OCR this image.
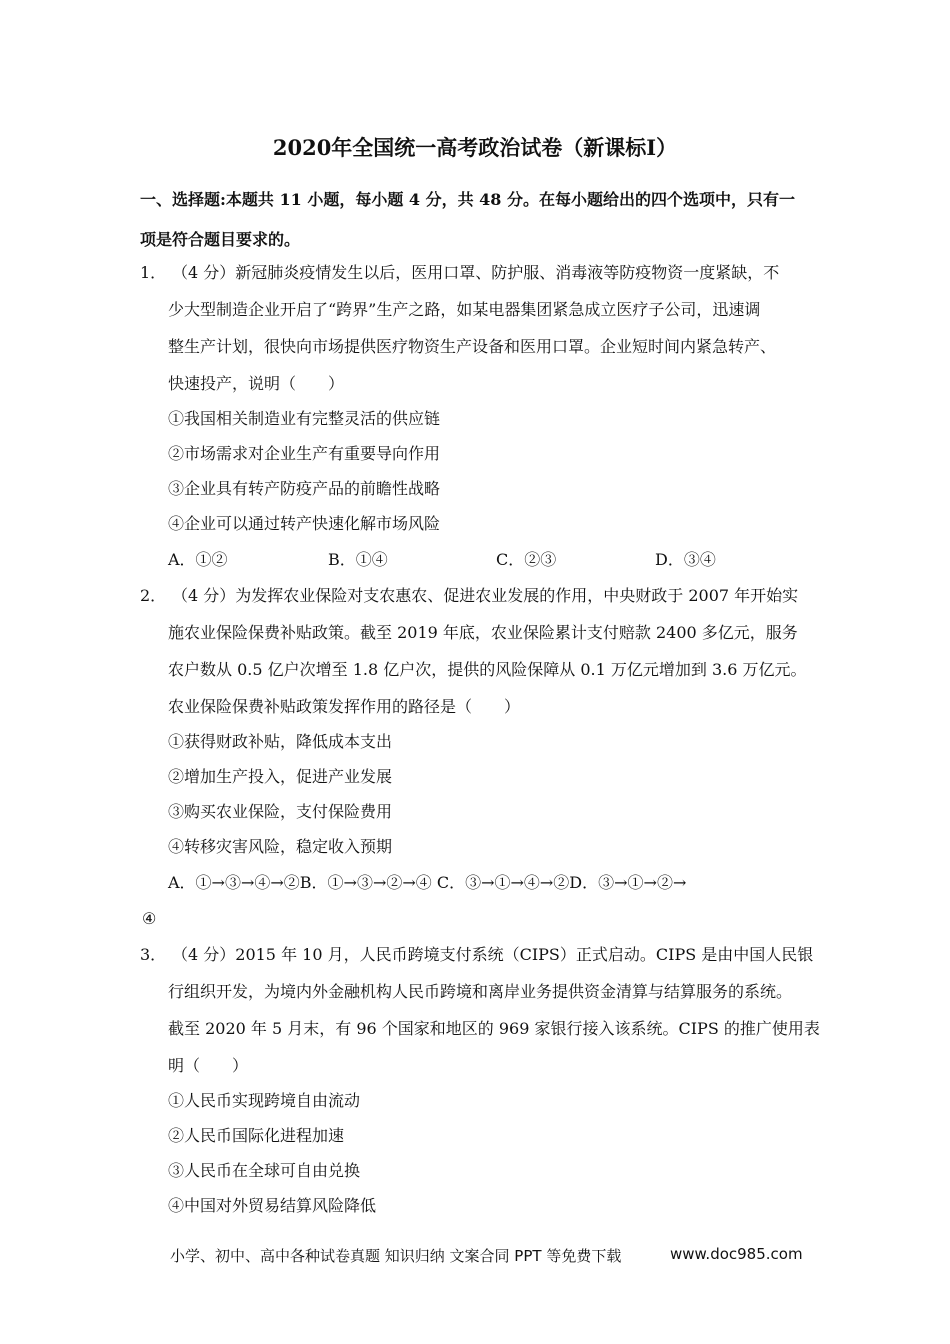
2020年全国统一高考政治试卷（新课标Ⅰ）
一、选择题:本题共 11 小题，每小题 4 分，共 48 分。在每小题给出的四个选项中，只有一
项是符合题目要求的。
1． （4 分）新冠肺炎疫情发生以后，医用口罩、防护服、消毒液等防疫物资一度紧缺，不
少大型制造企业开启了“跨界”生产之路，如某电器集团紧急成立医疗子公司，迅速调
整生产计划，很快向市场提供医疗物资生产设备和医用口罩。企业短时间内紧急转产、
快速投产，说明（　　）
①我国相关制造业有完整灵活的供应链
②市场需求对企业生产有重要导向作用
③企业具有转产防疫产品的前瞻性战略
④企业可以通过转产快速化解市场风险
A．①②	B．①④	C．②③	D．③④
2． （4 分）为发挥农业保险对支农惠农、促进农业发展的作用，中央财政于 2007 年开始实
施农业保险保费补贴政策。截至 2019 年底，农业保险累计支付赔款 2400 多亿元，服务
农户数从 0.5 亿户次增至 1.8 亿户次，提供的风险保障从 0.1 万亿元增加到 3.6 万亿元。
农业保险保费补贴政策发挥作用的路径是（　　）
①获得财政补贴，降低成本支出
②增加生产投入，促进产业发展
③购买农业保险，支付保险费用
④转移灾害风险，稳定收入预期
A．①→③→④→②B．①→③→②→④ C．③→①→④→②D．③→①→②→
④
3． （4 分）2015 年 10 月，人民币跨境支付系统（CIPS）正式启动。CIPS 是由中国人民银
行组织开发，为境内外金融机构人民币跨境和离岸业务提供资金清算与结算服务的系统。
截至 2020 年 5 月末，有 96 个国家和地区的 969 家银行接入该系统。CIPS 的推广使用表
明（　　）
①人民币实现跨境自由流动
②人民币国际化进程加速
③人民币在全球可自由兑换
④中国对外贸易结算风险降低
小学、初中、高中各种试卷真题 知识归纳 文案合同 PPT 等免费下载	www.doc985.com
